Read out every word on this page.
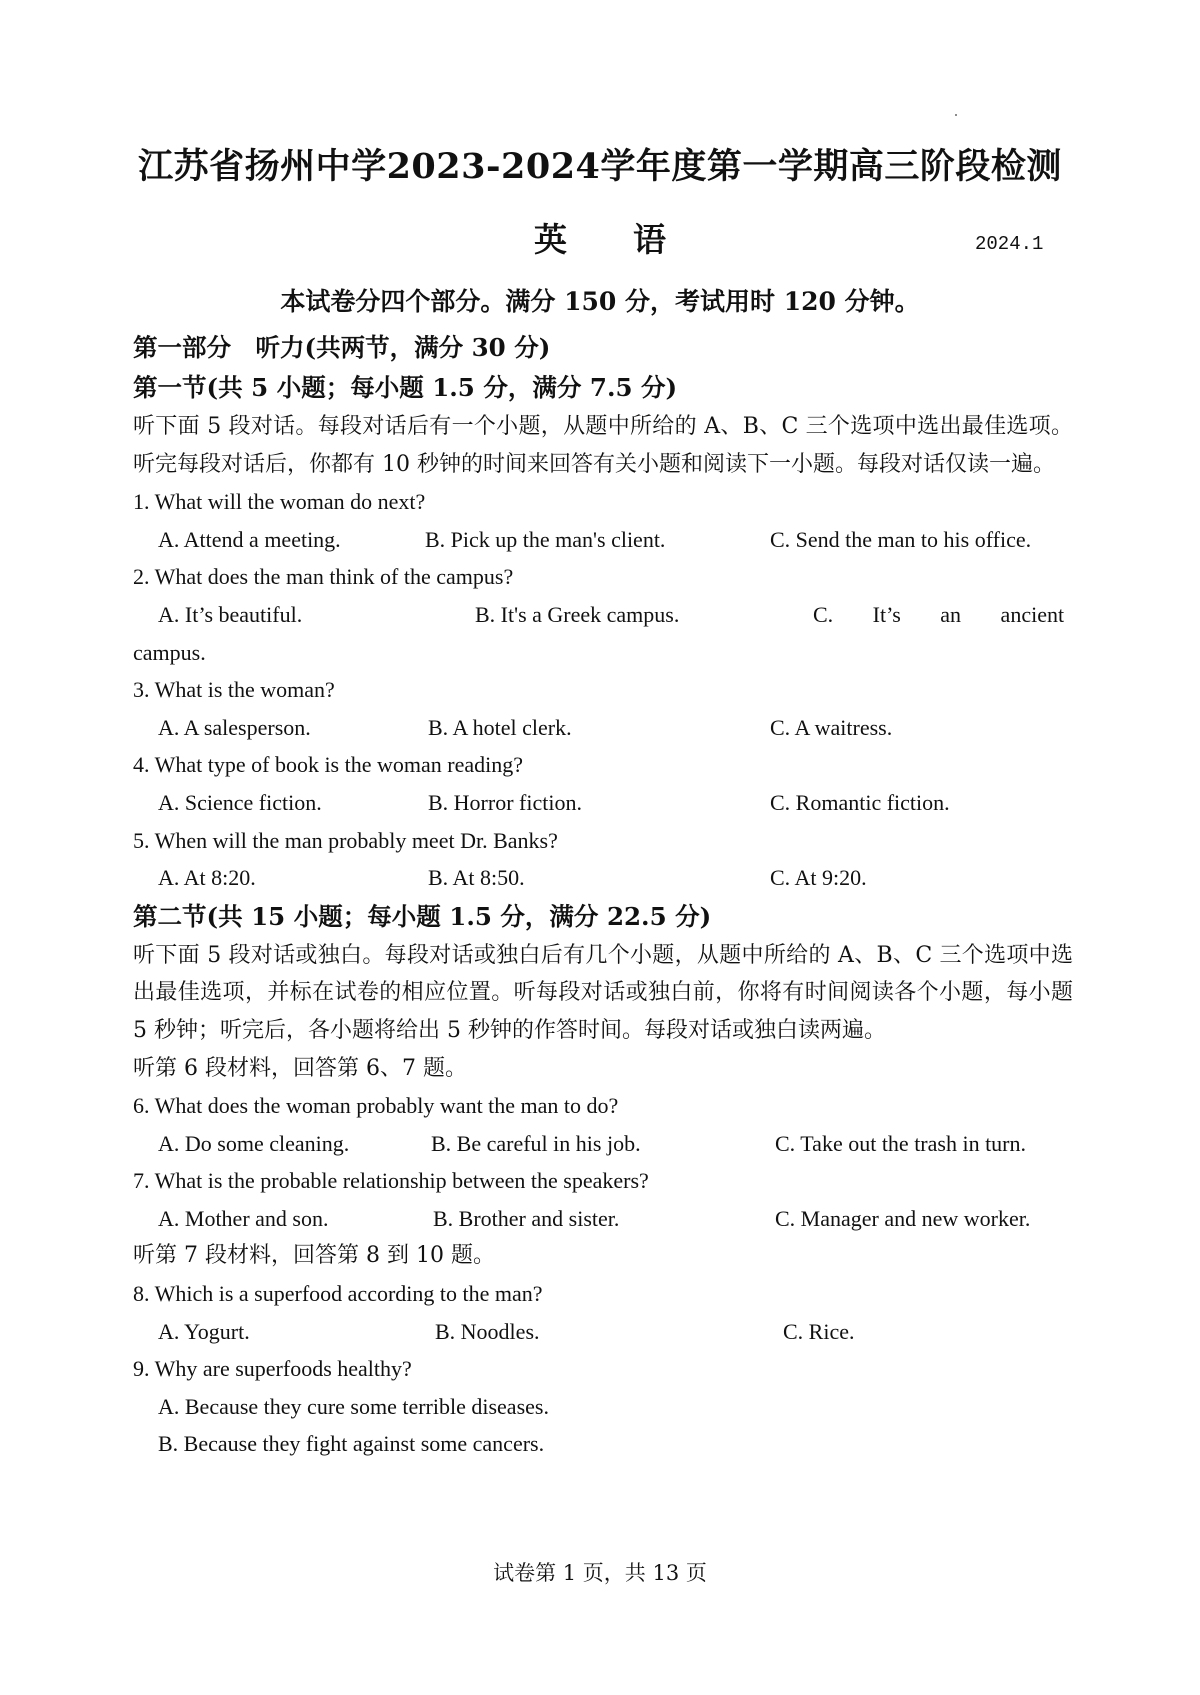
江苏省扬州中学2023-2024学年度第一学期高三阶段检测
英　　语	2024.1
本试卷分四个部分。满分 150 分，考试用时 120 分钟。
第一部分　听力(共两节，满分 30 分)
第一节(共 5 小题；每小题 1.5 分，满分 7.5 分)
听下面 5 段对话。每段对话后有一个小题，从题中所给的 A、B、C 三个选项中选出最佳选项。听完每段对话后，你都有 10 秒钟的时间来回答有关小题和阅读下一小题。每段对话仅读一遍。
1. What will the woman do next?
A. Attend a meeting.	B. Pick up the man's client.	C. Send the man to his office.
2. What does the man think of the campus?
A. It’s beautiful.	B. It's a Greek campus.	C. It’s an ancient
campus.
3. What is the woman?
A. A salesperson.	B. A hotel clerk.	C. A waitress.
4. What type of book is the woman reading?
A. Science fiction.	B. Horror fiction.	C. Romantic fiction.
5. When will the man probably meet Dr. Banks?
A. At 8:20.	B. At 8:50.	C. At 9:20.
第二节(共 15 小题；每小题 1.5 分，满分 22.5 分)
听下面 5 段对话或独白。每段对话或独白后有几个小题，从题中所给的 A、B、C 三个选项中选出最佳选项，并标在试卷的相应位置。听每段对话或独白前，你将有时间阅读各个小题，每小题 5 秒钟；听完后，各小题将给出 5 秒钟的作答时间。每段对话或独白读两遍。
听第 6 段材料，回答第 6、7 题。
6. What does the woman probably want the man to do?
A. Do some cleaning.	B. Be careful in his job.	C. Take out the trash in turn.
7. What is the probable relationship between the speakers?
A. Mother and son.	B. Brother and sister.	C. Manager and new worker.
听第 7 段材料，回答第 8 到 10 题。
8. Which is a superfood according to the man?
A. Yogurt.	B. Noodles.	C. Rice.
9. Why are superfoods healthy?
A. Because they cure some terrible diseases.
B. Because they fight against some cancers.
试卷第 1 页，共 13 页
